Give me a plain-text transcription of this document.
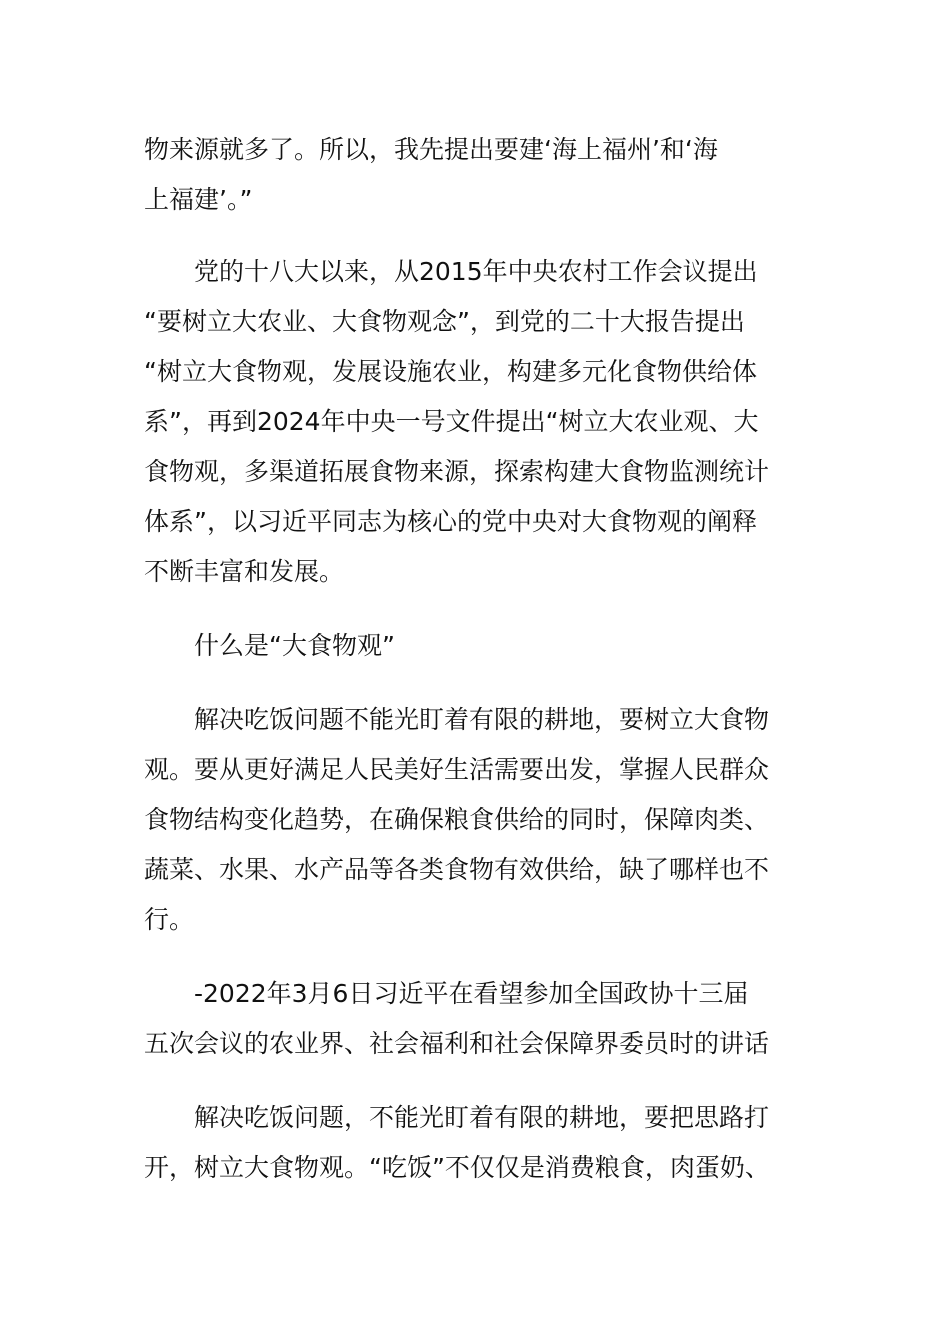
物来源就多了。所以，我先提出要建‘海上福州’和‘海
上福建’。”
党的十八大以来，从2015年中央农村工作会议提出
“要树立大农业、大食物观念”，到党的二十大报告提出
“树立大食物观，发展设施农业，构建多元化食物供给体
系”，再到2024年中央一号文件提出“树立大农业观、大
食物观，多渠道拓展食物来源，探索构建大食物监测统计
体系”，以习近平同志为核心的党中央对大食物观的阐释
不断丰富和发展。
什么是“大食物观”
解决吃饭问题不能光盯着有限的耕地，要树立大食物
观。要从更好满足人民美好生活需要出发，掌握人民群众
食物结构变化趋势，在确保粮食供给的同时，保障肉类、
蔬菜、水果、水产品等各类食物有效供给，缺了哪样也不
行。
-2022年3月6日习近平在看望参加全国政协十三届
五次会议的农业界、社会福利和社会保障界委员时的讲话
解决吃饭问题，不能光盯着有限的耕地，要把思路打
开，树立大食物观。“吃饭”不仅仅是消费粮食，肉蛋奶、
